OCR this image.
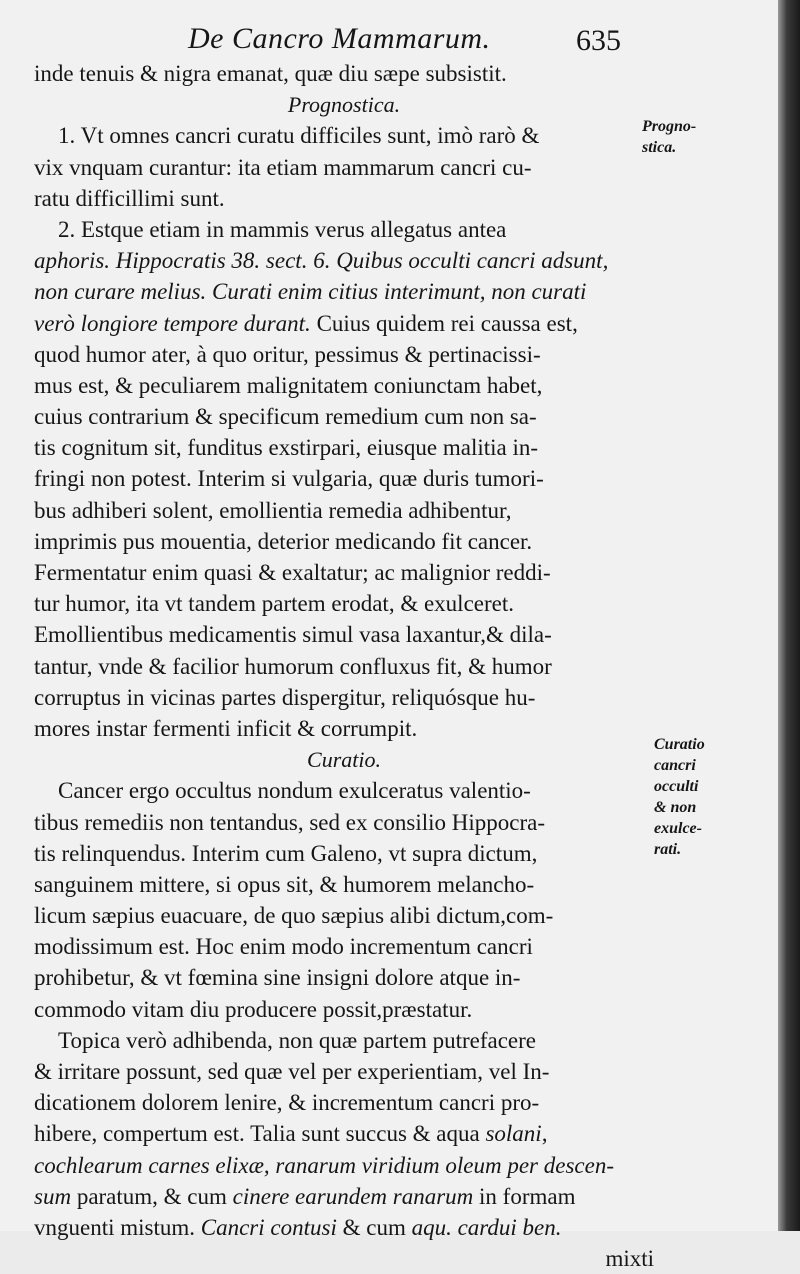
De Cancro Mammarum.	635
inde tenuis & nigra emanat, quæ diu sæpe subsistit.
Prognostica.
1. Vt omnes cancri curatu difficiles sunt, imò rarò &
vix vnquam curantur: ita etiam mammarum cancri cu-
ratu difficillimi sunt.
2. Estque etiam in mammis verus allegatus antea
aphoris. Hippocratis 38. sect. 6. Quibus occulti cancri adsunt,
non curare melius. Curati enim citius interimunt, non curati
verò longiore tempore durant. Cuius quidem rei caussa est,
quod humor ater, à quo oritur, pessimus & pertinacissi-
mus est, & peculiarem malignitatem coniunctam habet,
cuius contrarium & specificum remedium cum non sa-
tis cognitum sit, funditus exstirpari, eiusque malitia in-
fringi non potest. Interim si vulgaria, quæ duris tumori-
bus adhiberi solent, emollientia remedia adhibentur,
imprimis pus mouentia, deterior medicando fit cancer.
Fermentatur enim quasi & exaltatur; ac malignior reddi-
tur humor, ita vt tandem partem erodat, & exulceret.
Emollientibus medicamentis simul vasa laxantur,& dila-
tantur, vnde & facilior humorum confluxus fit, & humor
corruptus in vicinas partes dispergitur, reliquósque hu-
mores instar fermenti inficit & corrumpit.
Curatio.
Cancer ergo occultus nondum exulceratus valentio-
tibus remediis non tentandus, sed ex consilio Hippocra-
tis relinquendus. Interim cum Galeno, vt supra dictum,
sanguinem mittere, si opus sit, & humorem melancho-
licum sæpius euacuare, de quo sæpius alibi dictum,com-
modissimum est. Hoc enim modo incrementum cancri
prohibetur, & vt fœmina sine insigni dolore atque in-
commodo vitam diu producere possit,præstatur.
Topica verò adhibenda, non quæ partem putrefacere
& irritare possunt, sed quæ vel per experientiam, vel In-
dicationem dolorem lenire, & incrementum cancri pro-
hibere, compertum est. Talia sunt succus & aqua solani,
cochlearum carnes elixæ, ranarum viridium oleum per descen-
sum paratum, & cum cinere earundem ranarum in formam
vnguenti mistum. Cancri contusi & cum aqu. cardui ben.
mixti
Progno-
stica.
Curatio
cancri
occulti
& non
exulce-
rati.
